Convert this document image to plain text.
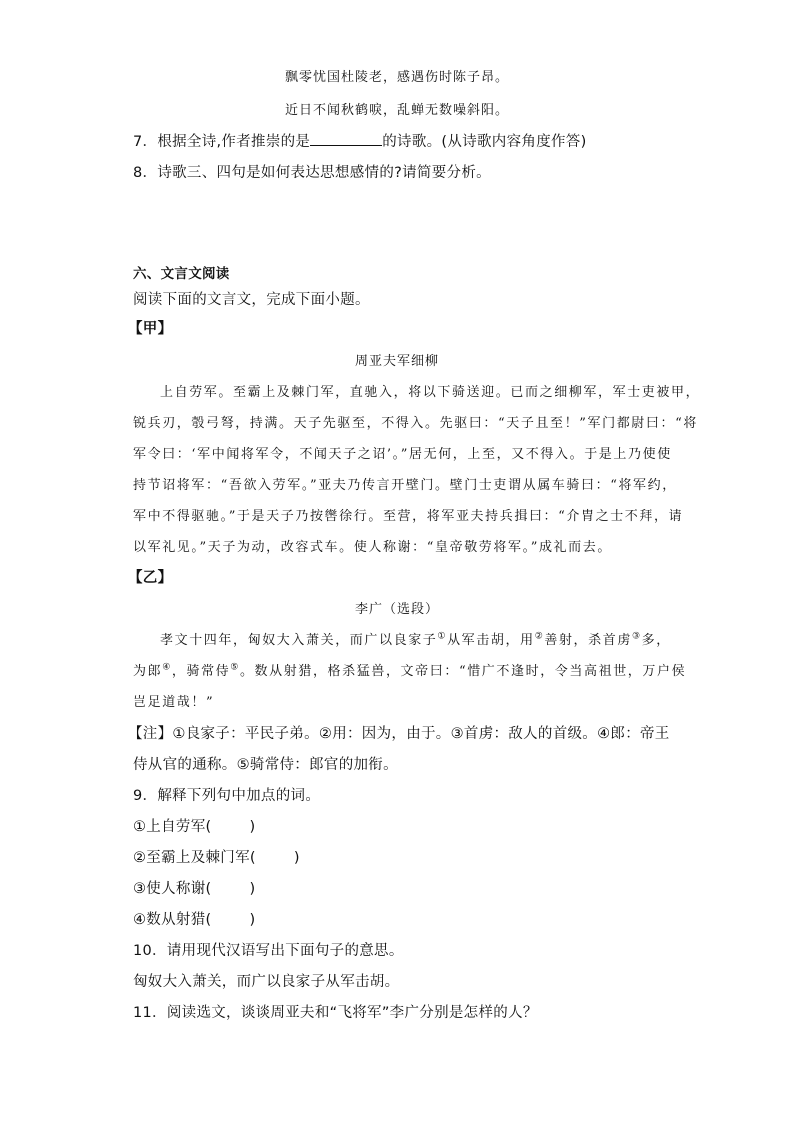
飘零忧国杜陵老，感遇伤时陈子昂。
近日不闻秋鹤唳，乱蝉无数噪斜阳。
7．根据全诗,作者推崇的是	的诗歌。(从诗歌内容角度作答)
8．诗歌三、四句是如何表达思想感情的?请简要分析。
六、文言文阅读
阅读下面的文言文，完成下面小题。
【甲】
周亚夫军细柳
上自劳军。至霸上及棘门军，直驰入，将以下骑送迎。已而之细柳军，军士吏被甲，
锐兵刃，彀弓弩，持满。天子先驱至，不得入。先驱曰：“天子且至！”军门都尉曰：“将
军令曰：‘军中闻将军令，不闻天子之诏’。”居无何，上至，又不得入。于是上乃使使
持节诏将军：“吾欲入劳军。”亚夫乃传言开壁门。壁门士吏谓从属车骑曰：“将军约，
军中不得驱驰。”于是天子乃按辔徐行。至营，将军亚夫持兵揖曰：“介胄之士不拜，请
以军礼见。”天子为动，改容式车。使人称谢：“皇帝敬劳将军。”成礼而去。
【乙】
李广（选段）
孝文十四年，匈奴大入萧关，而广以良家子①从军击胡，用②善射，杀首虏③多，
为郎④，骑常侍⑤。数从射猎，格杀猛兽，文帝曰：“惜广不逢时，令当高祖世，万户侯
岂足道哉！”
【注】①良家子：平民子弟。②用：因为，由于。③首虏：敌人的首级。④郎：帝王
侍从官的通称。⑤骑常侍：郎官的加衔。
9．解释下列句中加点的词。
①上自劳军(	)
②至霸上及棘门军(	)
③使人称谢(	)
④数从射猎(	)
10．请用现代汉语写出下面句子的意思。
匈奴大入萧关，而广以良家子从军击胡。
11．阅读选文，谈谈周亚夫和“飞将军”李广分别是怎样的人？
